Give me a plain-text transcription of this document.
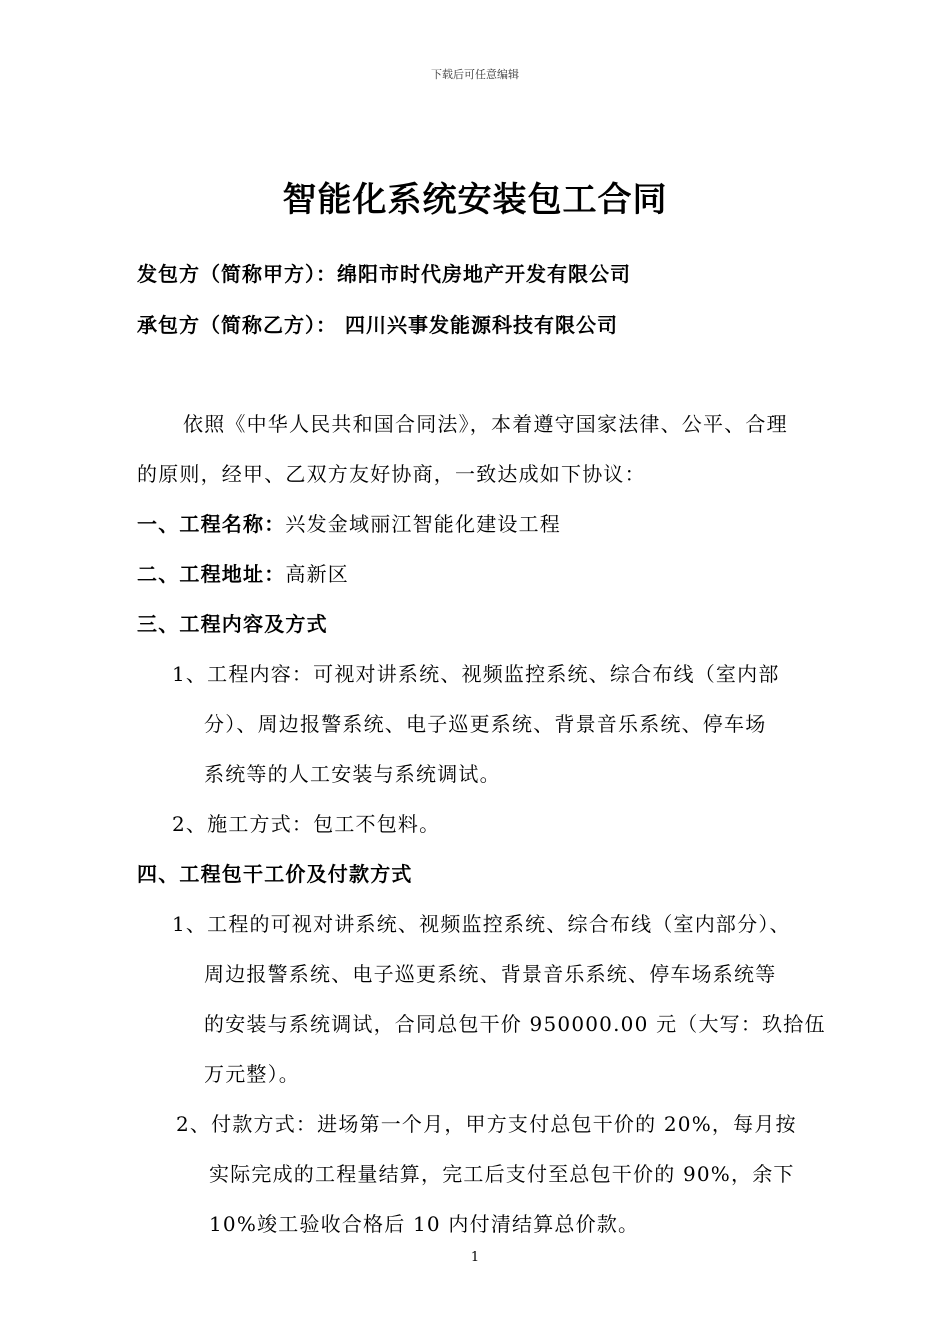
下载后可任意编辑
智能化系统安装包工合同
发包方（简称甲方）：绵阳市时代房地产开发有限公司
承包方（简称乙方）： 四川兴事发能源科技有限公司
依照《中华人民共和国合同法》，本着遵守国家法律、公平、合理
的原则，经甲、乙双方友好协商，一致达成如下协议：
一、工程名称：兴发金域丽江智能化建设工程
二、工程地址：高新区
三、工程内容及方式
1、工程内容：可视对讲系统、视频监控系统、综合布线（室内部
分）、周边报警系统、电子巡更系统、背景音乐系统、停车场
系统等的人工安装与系统调试。
2、施工方式：包工不包料。
四、工程包干工价及付款方式
1、工程的可视对讲系统、视频监控系统、综合布线（室内部分）、
周边报警系统、电子巡更系统、背景音乐系统、停车场系统等
的安装与系统调试，合同总包干价 950000.00 元（大写：玖拾伍
万元整）。
2、付款方式：进场第一个月，甲方支付总包干价的 20%，每月按
实际完成的工程量结算，完工后支付至总包干价的 90%，余下
10%竣工验收合格后 10 内付清结算总价款。
1
